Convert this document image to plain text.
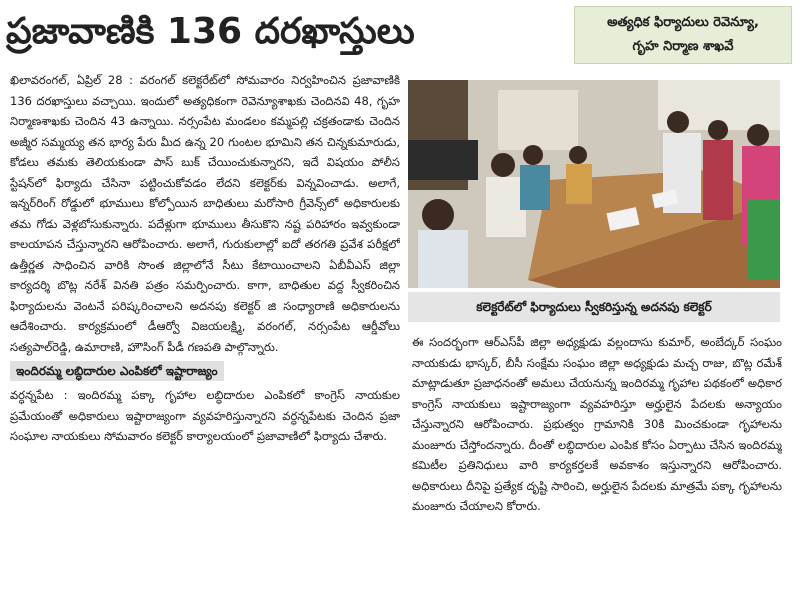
ప్రజావాణికి 136 దరఖాస్తులు	అత్యధిక ఫిర్యాదులు రెవెన్యూ,
గృహ నిర్మాణ శాఖవే

ఖిలావరంగల్, ఏప్రిల్ 28 : వరంగల్ కలెక్టరేట్‌లో సోమవారం నిర్వహించిన ప్రజావాణికి 136 దరఖాస్తులు వచ్చాయి. ఇందులో అత్యధికంగా రెవెన్యూశాఖకు చెందినవి 48, గృహ నిర్మాణశాఖకు చెందిన 43 ఉన్నాయి. నర్సంపేట మండలం కమ్మపల్లి చక్రతండాకు చెందిన అజ్మీర సమ్మయ్య తన భార్య పేరు మీద ఉన్న 20 గుంటల భూమిని తన చిన్నకుమారుడు, కోడలు తమకు తెలియకుండా పాస్ బుక్ చేయించుకున్నారని, ఇదే విషయం పోలీస స్టేషన్‌లో ఫిర్యాదు చేసినా పట్టించుకోవడం లేదని కలెక్టర్‌కు విన్నవించాడు. అలాగే, ఇన్నర్‌రింగ్ రోడ్డులో భూములు కోల్పోయిన బాధితులు మరోసారి గ్రీవెన్స్‌లో అధికారులకు తమ గోడు వెళ్లబోసుకున్నారు. పదేళ్లుగా భూములు తీసుకొని నష్ట పరిహారం ఇవ్వకుండా కాలయాపన చేస్తున్నారని ఆరోపించారు. అలాగే, గురుకులాల్లో ఐదో తరగతి ప్రవేశ పరీక్షలో ఉత్తీర్ణత సాధించిన వారికి సొంత జిల్లాలోనే సీటు కేటాయించాలని ఏబీవీఎస్ జిల్లా కార్యదర్శి బొట్ల నరేశ్ వినతి పత్రం సమర్పించారు. కాగా, బాధితుల వద్ద స్వీకరించిన ఫిర్యాదులను వెంటనే పరిష్కరించాలని అదనపు కలెక్టర్ జి సంధ్యారాణి అధికారులను ఆదేశించారు. కార్యక్రమంలో డీఆర్వో విజయలక్ష్మి, వరంగల్, నర్సంపేట ఆర్డీవోలు సత్యపాల్‌రెడ్డి, ఉమారాణి, హౌసింగ్ పీడీ గణపతి పాల్గొన్నారు.

ఇందిరమ్మ లబ్ధిదారుల ఎంపికలో ఇష్టారాజ్యం

వర్ధన్నపేట : ఇందిరమ్మ పక్కా గృహాల లబ్ధిదారుల ఎంపికలో కాంగ్రెస్ నాయకుల ప్రమేయంతో అధికారులు ఇష్టారాజ్యంగా వ్యవహరిస్తున్నారని వర్ధన్నపేటకు చెందిన ప్రజా సంఘాల నాయకులు సోమవారం కలెక్టర్ కార్యాలయంలో ప్రజావాణిలో ఫిర్యాదు చేశారు.

కలెక్టరేట్‌లో ఫిర్యాదులు స్వీకరిస్తున్న అదనపు కలెక్టర్

ఈ సందర్భంగా ఆర్‌ఎస్‌పీ జిల్లా అధ్యక్షుడు వల్లందాసు కుమార్, అంబేద్కర్ సంఘం నాయకుడు భాస్కర్, బీసీ సంక్షేమ సంఘం జిల్లా అధ్యక్షుడు మచ్చ రాజు, బొట్ల రమేశ్ మాట్లాడుతూ ప్రజాధనంతో అమలు చేయనున్న ఇందిరమ్మ గృహాల పథకంలో అధికార కాంగ్రెస్ నాయకులు ఇష్టారాజ్యంగా వ్యవహరిస్తూ అర్హులైన పేదలకు అన్యాయం చేస్తున్నారని ఆరోపించారు. ప్రభుత్వం గ్రామానికి 30కి మించకుండా గృహాలను మంజూరు చేస్తోందన్నారు. దీంతో లబ్ధిదారుల ఎంపిక కోసం ఏర్పాటు చేసిన ఇందిరమ్మ కమిటీల ప్రతినిధులు వారి కార్యకర్తలకే అవకాశం ఇస్తున్నారని ఆరోపించారు. అధికారులు దీనిపై ప్రత్యేక దృష్టి సారించి, అర్హులైన పేదలకు మాత్రమే పక్కా గృహాలను మంజూరు చేయాలని కోరారు.
